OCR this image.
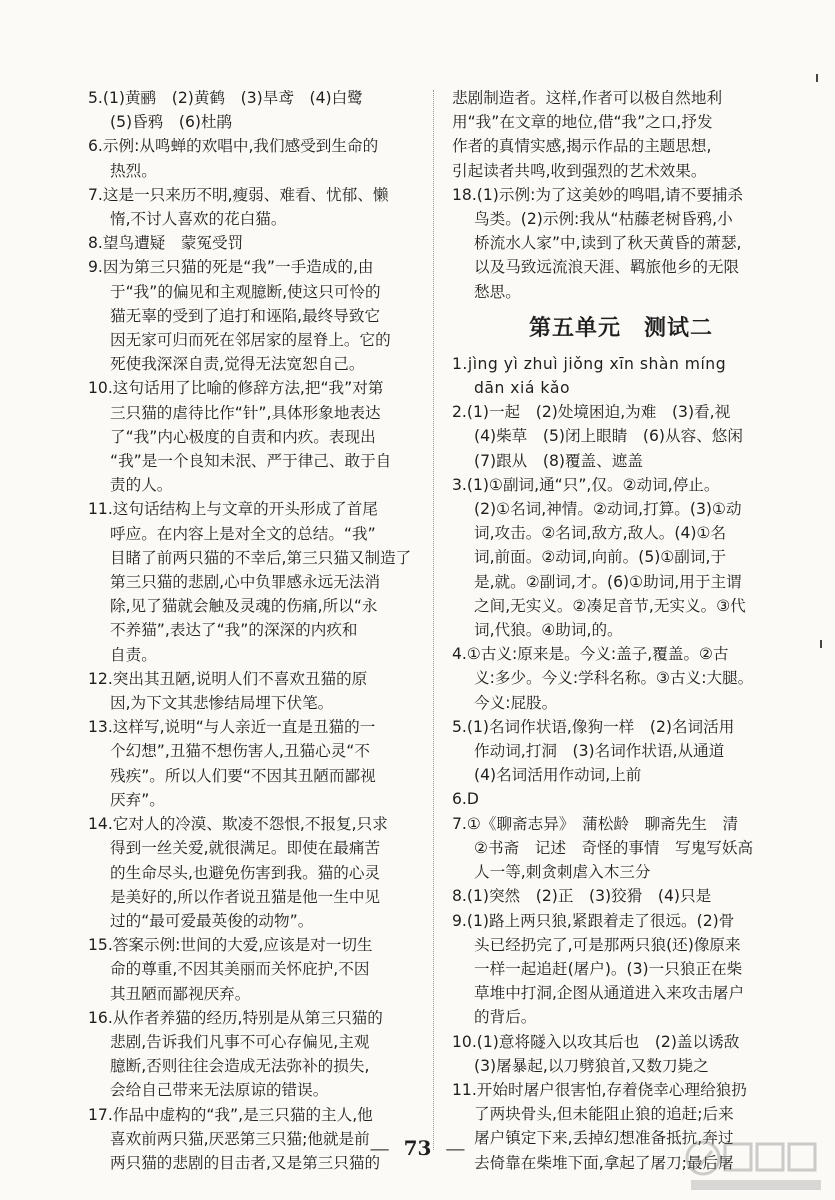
5.(1)黄鹂　(2)黄鹤　(3)旱鸢　(4)白鹭
(5)昏鸦　(6)杜鹃
6.示例:从鸣蝉的欢唱中,我们感受到生命的
热烈。
7.这是一只来历不明,瘦弱、难看、忧郁、懒
惰,不讨人喜欢的花白猫。
8.望鸟遭疑　蒙冤受罚
9.因为第三只猫的死是“我”一手造成的,由
于“我”的偏见和主观臆断,使这只可怜的
猫无辜的受到了追打和诬陷,最终导致它
因无家可归而死在邻居家的屋脊上。它的
死使我深深自责,觉得无法宽恕自己。
10.这句话用了比喻的修辞方法,把“我”对第
三只猫的虐待比作“针”,具体形象地表达
了“我”内心极度的自责和内疚。表现出
“我”是一个良知未泯、严于律己、敢于自
责的人。
11.这句话结构上与文章的开头形成了首尾
呼应。在内容上是对全文的总结。“我”
目睹了前两只猫的不幸后,第三只猫又制造了
第三只猫的悲剧,心中负罪感永远无法消
除,见了猫就会触及灵魂的伤痛,所以“永
不养猫”,表达了“我”的深深的内疚和
自责。
12.突出其丑陋,说明人们不喜欢丑猫的原
因,为下文其悲惨结局埋下伏笔。
13.这样写,说明“与人亲近一直是丑猫的一
个幻想”,丑猫不想伤害人,丑猫心灵“不
残疾”。所以人们要“不因其丑陋而鄙视
厌弃”。
14.它对人的冷漠、欺凌不怨恨,不报复,只求
得到一丝关爱,就很满足。即使在最痛苦
的生命尽头,也避免伤害到我。猫的心灵
是美好的,所以作者说丑猫是他一生中见
过的“最可爱最英俊的动物”。
15.答案示例:世间的大爱,应该是对一切生
命的尊重,不因其美丽而关怀庇护,不因
其丑陋而鄙视厌弃。
16.从作者养猫的经历,特别是从第三只猫的
悲剧,告诉我们凡事不可心存偏见,主观
臆断,否则往往会造成无法弥补的损失,
会给自己带来无法原谅的错误。
17.作品中虚构的“我”,是三只猫的主人,他
喜欢前两只猫,厌恶第三只猫;他就是前
两只猫的悲剧的目击者,又是第三只猫的
悲剧制造者。这样,作者可以极自然地利
用“我”在文章的地位,借“我”之口,抒发
作者的真情实感,揭示作品的主题思想,
引起读者共鸣,收到强烈的艺术效果。
18.(1)示例:为了这美妙的鸣唱,请不要捕杀
鸟类。(2)示例:我从“枯藤老树昏鸦,小
桥流水人家”中,读到了秋天黄昏的萧瑟,
以及马致远流浪天涯、羁旅他乡的无限
愁思。
第五单元　测试二
1.jìng yì zhuì jiǒng xīn shàn míng
dān xiá kǎo
2.(1)一起　(2)处境困迫,为难　(3)看,视
(4)柴草　(5)闭上眼睛　(6)从容、悠闲
(7)跟从　(8)覆盖、遮盖
3.(1)①副词,通“只”,仅。②动词,停止。
(2)①名词,神情。②动词,打算。(3)①动
词,攻击。②名词,敌方,敌人。(4)①名
词,前面。②动词,向前。(5)①副词,于
是,就。②副词,才。(6)①助词,用于主谓
之间,无实义。②凑足音节,无实义。③代
词,代狼。④助词,的。
4.①古义:原来是。今义:盖子,覆盖。②古
义:多少。今义:学科名称。③古义:大腿。
今义:屁股。
5.(1)名词作状语,像狗一样　(2)名词活用
作动词,打洞　(3)名词作状语,从通道
(4)名词活用作动词,上前
6.D
7.①《聊斋志异》　蒲松龄　聊斋先生　清
②书斋　记述　奇怪的事情　写鬼写妖高
人一等,刺贪刺虐入木三分
8.(1)突然　(2)正　(3)狡猾　(4)只是
9.(1)路上两只狼,紧跟着走了很远。(2)骨
头已经扔完了,可是那两只狼(还)像原来
一样一起追赶(屠户)。(3)一只狼正在柴
草堆中打洞,企图从通道进入来攻击屠户
的背后。
10.(1)意将隧入以攻其后也　(2)盖以诱敌
(3)屠暴起,以刀劈狼首,又数刀毙之
11.开始时屠户很害怕,存着侥幸心理给狼扔
了两块骨头,但未能阻止狼的追赶;后来
屠户镇定下来,丢掉幻想准备抵抗,奔过
去倚靠在柴堆下面,拿起了屠刀;最后屠
— 73 —
